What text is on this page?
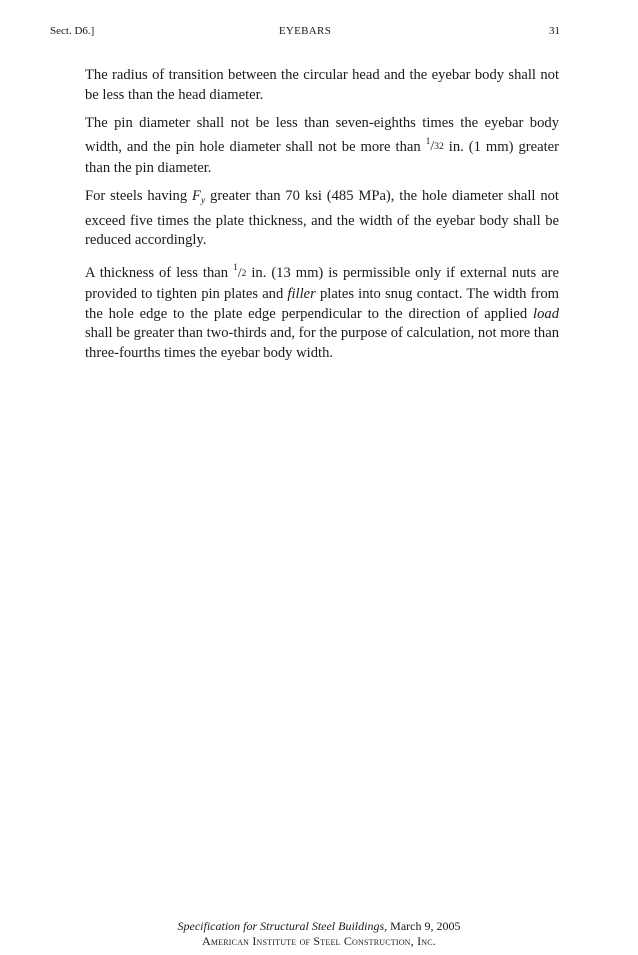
Sect. D6.]	EYEBARS	31

The radius of transition between the circular head and the eyebar body shall not be less than the head diameter.

The pin diameter shall not be less than seven-eighths times the eyebar body width, and the pin hole diameter shall not be more than $^1/_{32}$ in. (1 mm) greater than the pin diameter.

For steels having $F_y$ greater than 70 ksi (485 MPa), the hole diameter shall not exceed five times the plate thickness, and the width of the eyebar body shall be reduced accordingly.

A thickness of less than $^1/_2$ in. (13 mm) is permissible only if external nuts are provided to tighten pin plates and filler plates into snug contact. The width from the hole edge to the plate edge perpendicular to the direction of applied load shall be greater than two-thirds and, for the purpose of calculation, not more than three-fourths times the eyebar body width.

Specification for Structural Steel Buildings, March 9, 2005
American Institute of Steel Construction, Inc.
